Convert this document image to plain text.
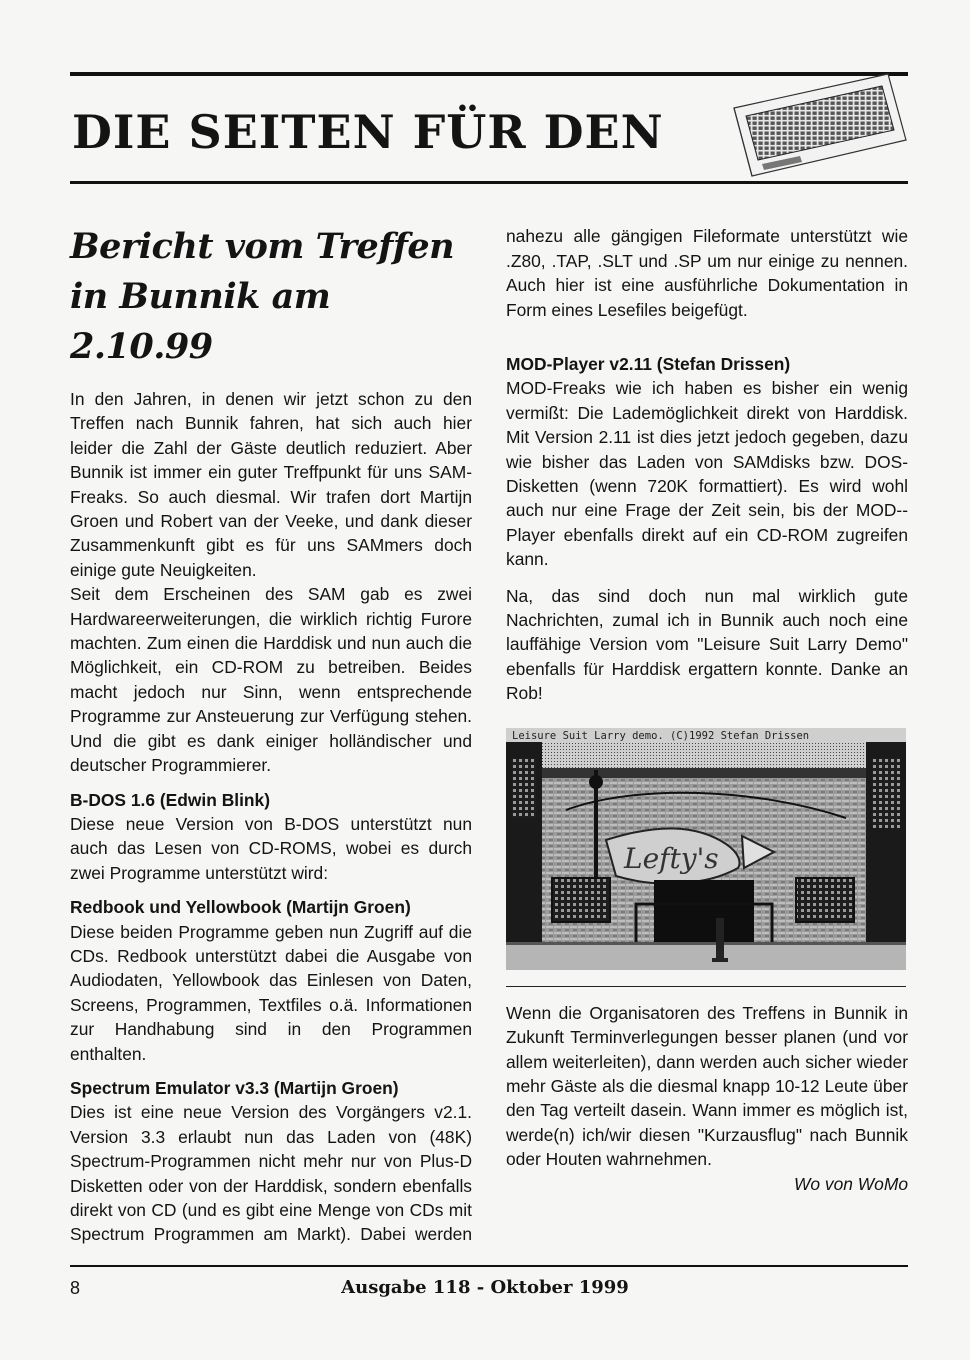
DIE SEITEN FÜR DEN
Bericht vom Treffen in Bunnik am 2.10.99

In den Jahren, in denen wir jetzt schon zu den Treffen nach Bunnik fahren, hat sich auch hier leider die Zahl der Gäste deutlich reduziert. Aber Bunnik ist immer ein guter Treffpunkt für uns SAM-Freaks. So auch diesmal. Wir trafen dort Martijn Groen und Robert van der Veeke, und dank dieser Zusammenkunft gibt es für uns SAMmers doch einige gute Neuigkeiten.

Seit dem Erscheinen des SAM gab es zwei Hardwareerweiterungen, die wirklich richtig Furore machten. Zum einen die Harddisk und nun auch die Möglichkeit, ein CD-ROM zu betreiben. Beides macht jedoch nur Sinn, wenn entsprechende Programme zur Ansteuerung zur Verfügung stehen. Und die gibt es dank einiger holländischer und deutscher Programmierer.

B-DOS 1.6 (Edwin Blink)

Diese neue Version von B-DOS unterstützt nun auch das Lesen von CD-ROMS, wobei es durch zwei Programme unterstützt wird:

Redbook und Yellowbook (Martijn Groen)

Diese beiden Programme geben nun Zugriff auf die CDs. Redbook unterstützt dabei die Ausgabe von Audiodaten, Yellowbook das Einlesen von Daten, Screens, Programmen, Textfiles o.ä. Informationen zur Handhabung sind in den Programmen enthalten.

Spectrum Emulator v3.3 (Martijn Groen)

Dies ist eine neue Version des Vorgängers v2.1. Version 3.3 erlaubt nun das Laden von (48K) Spectrum-Programmen nicht mehr nur von Plus-D Disketten oder von der Harddisk, sondern ebenfalls direkt von CD (und es gibt eine Menge von CDs mit Spectrum Programmen am Markt). Dabei werden

nahezu alle gängigen Fileformate unterstützt wie .Z80, .TAP, .SLT und .SP um nur einige zu nennen. Auch hier ist eine ausführliche Dokumentation in Form eines Lesefiles beigefügt.

MOD-Player v2.11 (Stefan Drissen)

MOD-Freaks wie ich haben es bisher ein wenig vermißt: Die Lademöglichkeit direkt von Harddisk. Mit Version 2.11 ist dies jetzt jedoch gegeben, dazu wie bisher das Laden von SAMdisks bzw. DOS-Disketten (wenn 720K formattiert). Es wird wohl auch nur eine Frage der Zeit sein, bis der MOD--Player ebenfalls direkt auf ein CD-ROM zugreifen kann.

Na, das sind doch nun mal wirklich gute Nachrichten, zumal ich in Bunnik auch noch eine lauffähige Version vom "Leisure Suit Larry Demo" ebenfalls für Harddisk ergattern konnte. Danke an Rob!

Leisure Suit Larry demo. (C)1992 Stefan Drissen
Lefty's

Wenn die Organisatoren des Treffens in Bunnik in Zukunft Terminverlegungen besser planen (und vor allem weiterleiten), dann werden auch sicher wieder mehr Gäste als die diesmal knapp 10-12 Leute über den Tag verteilt dasein. Wann immer es möglich ist, werde(n) ich/wir diesen "Kurzausflug" nach Bunnik oder Houten wahrnehmen.

Wo von WoMo

8	Ausgabe 118 - Oktober 1999
